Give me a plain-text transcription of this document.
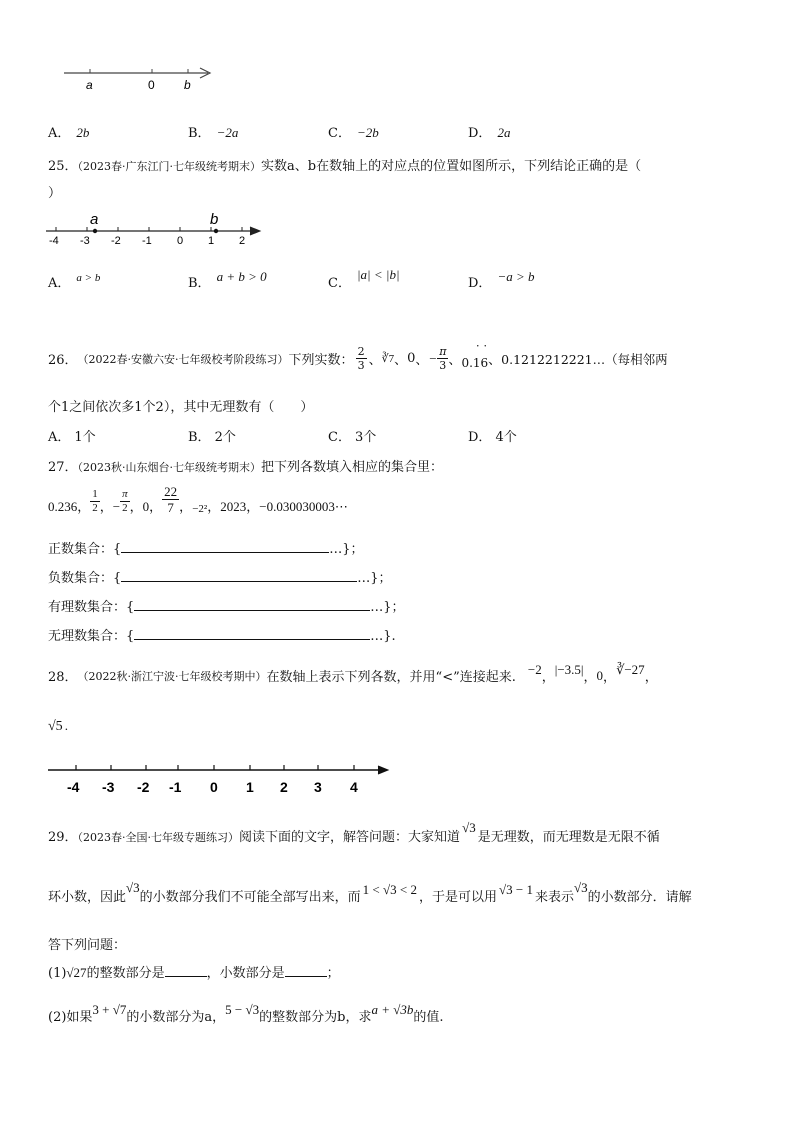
a	0 b
A． 2b	B． −2a	C． −2b	D． 2a
25．（2023春·广东江门·七年级统考期末）实数a、b在数轴上的对应点的位置如图所示，下列结论正确的是（
）
-4 -3 -2 -1 0 1 2
a	b
A． $^{a > b}$	B． a + b > 0	C．|a| < |b|
D． −a > b
26． （2022春·安徽六安·七年级校考阶段练习） 下列实数： $\frac{2}{3}$ 、 ∛7 、 0 、 − $\frac{\pi}{3}$ 、
˙˙
0.16 、 0.1212212221…（每相邻两
个1之间依次多1个2），其中无理数有（　　）
A． 1个	B． 2个	C． 3个	D． 4个
27．（2023秋·山东烟台·七年级统考期末）把下列各数填入相应的集合里：
0.236 ， $\frac{1}{2}$ ， − $\frac{\pi}{2}$ ， 0 ， $\frac{22}{7}$ ， −2² ， 2023 ， −0.030030003⋯
正数集合：{	…}；
负数集合：{	…}；
有理数集合：{	…}；
无理数集合：{	…}.
28． （2022秋·浙江宁波·七年级校考期中） 在数轴上表示下列各数，并用“<”连接起来.
−2
，
|−3.5|
， 0 ，
∛−27
，
√5 .
-4 -3 -2 -1 0 1 2 3 4
29．（2023春·全国·七年级专题练习）阅读下面的文字，解答问题：大家知道√3是无理数，而无理数是无限不循
环小数，因此√3的小数部分我们不可能全部写出来，而1 < √3 < 2，于是可以用√3 − 1来表示√3的小数部分．请解
答下列问题：
(1)√27的整数部分是	，小数部分是	；
(2)如果3 + √7的小数部分为a，5 − √3的整数部分为b，求a + √3b的值.
